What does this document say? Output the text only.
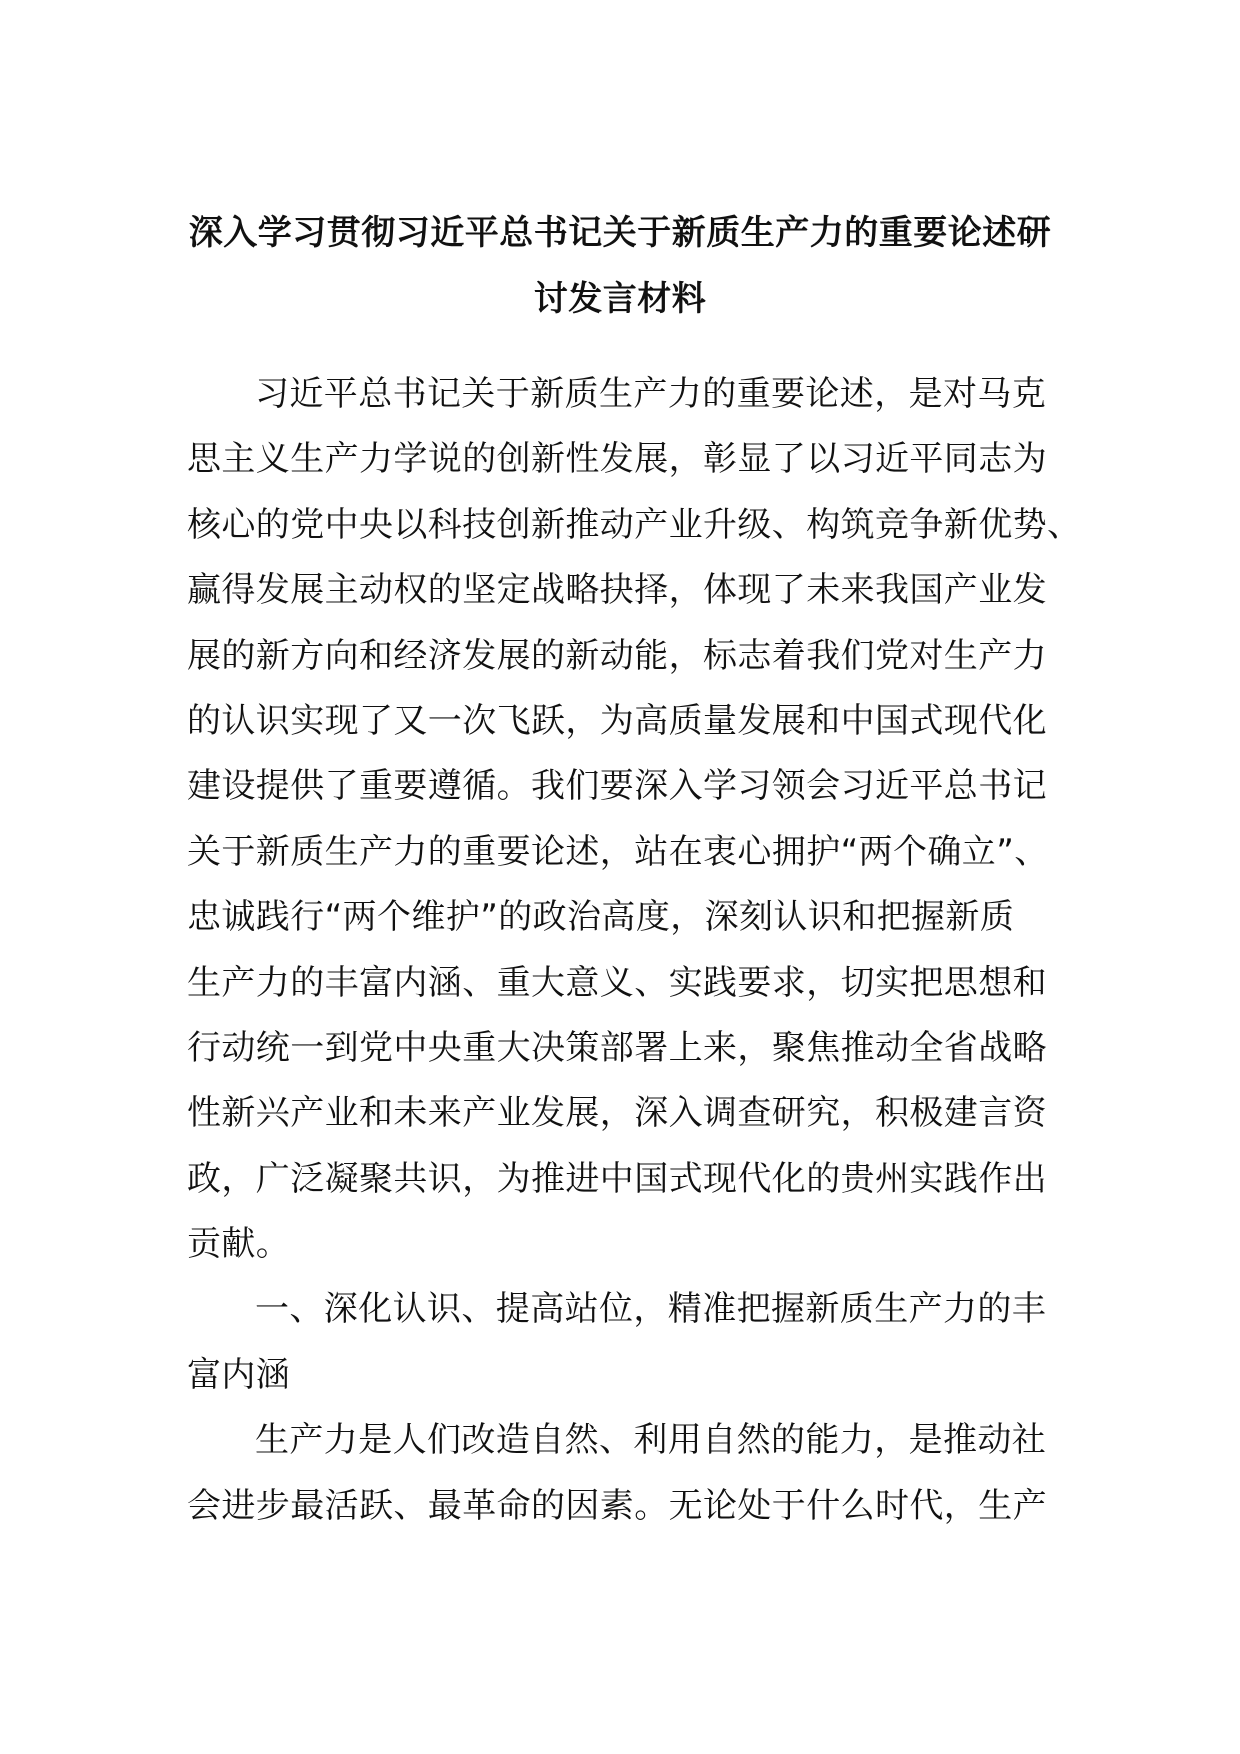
深入学习贯彻习近平总书记关于新质生产力的重要论述研
讨发言材料
习近平总书记关于新质生产力的重要论述，是对马克
思主义生产力学说的创新性发展，彰显了以习近平同志为
核心的党中央以科技创新推动产业升级、构筑竞争新优势、
赢得发展主动权的坚定战略抉择，体现了未来我国产业发
展的新方向和经济发展的新动能，标志着我们党对生产力
的认识实现了又一次飞跃，为高质量发展和中国式现代化
建设提供了重要遵循。我们要深入学习领会习近平总书记
关于新质生产力的重要论述，站在衷心拥护“两个确立”、
忠诚践行“两个维护”的政治高度，深刻认识和把握新质
生产力的丰富内涵、重大意义、实践要求，切实把思想和
行动统一到党中央重大决策部署上来，聚焦推动全省战略
性新兴产业和未来产业发展，深入调查研究，积极建言资
政，广泛凝聚共识，为推进中国式现代化的贵州实践作出
贡献。
一、深化认识、提高站位，精准把握新质生产力的丰
富内涵
生产力是人们改造自然、利用自然的能力，是推动社
会进步最活跃、最革命的因素。无论处于什么时代，生产
